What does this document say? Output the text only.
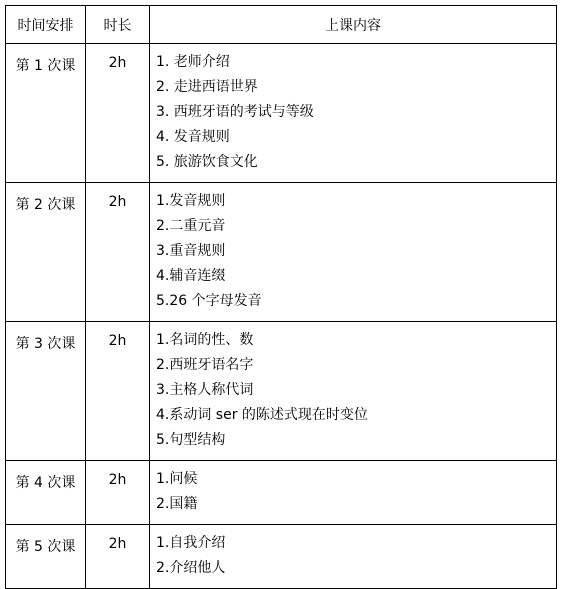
时间安排	时长	上课内容
第 1 次课	2h	1. 老师介绍
2. 走进西语世界
3. 西班牙语的考试与等级
4. 发音规则
5. 旅游饮食文化

第 2 次课	2h	1.发音规则
2.二重元音
3.重音规则
4.辅音连缀
5.26 个字母发音

第 3 次课	2h	1.名词的性、数
2.西班牙语名字
3.主格人称代词
4.系动词 ser 的陈述式现在时变位
5.句型结构

第 4 次课	2h	1.问候
2.国籍

第 5 次课	2h	1.自我介绍
2.介绍他人
